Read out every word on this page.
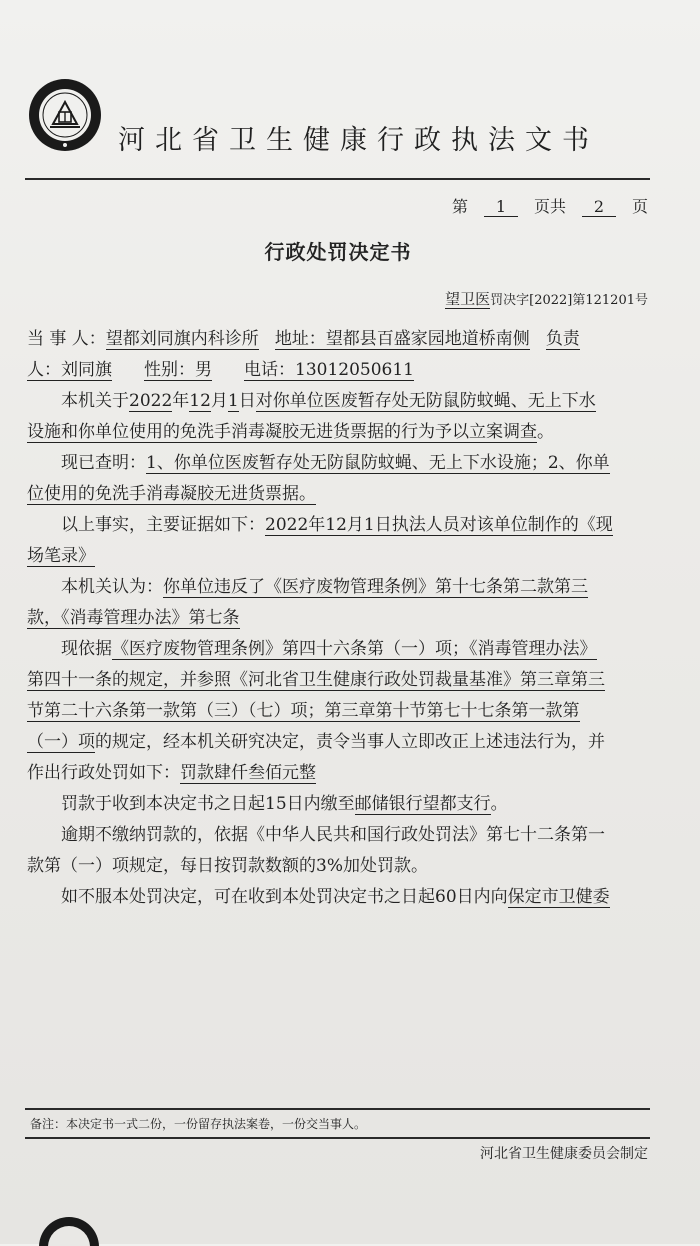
河北省卫生健康行政执法文书
第 1 页共 2 页
行政处罚决定书
望卫医罚决字[2022]第121201号
当 事 人：望都刘同旗内科诊所 地址：望都县百盛家园地道桥南侧 负责
人：刘同旗 性别：男 电话：13012050611
本机关于2022年12月1日对你单位医废暂存处无防鼠防蚊蝇、无上下水
设施和你单位使用的免洗手消毒凝胶无进货票据的行为予以立案调查。
现已查明：1、你单位医废暂存处无防鼠防蚊蝇、无上下水设施；2、你单
位使用的免洗手消毒凝胶无进货票据。
以上事实，主要证据如下：2022年12月1日执法人员对该单位制作的《现
场笔录》
本机关认为：你单位违反了《医疗废物管理条例》第十七条第二款第三
款，《消毒管理办法》第七条
现依据《医疗废物管理条例》第四十六条第（一）项；《消毒管理办法》
第四十一条的规定，并参照《河北省卫生健康行政处罚裁量基准》第三章第三
节第二十六条第一款第（三）（七）项；第三章第十节第七十七条第一款第
（一）项的规定，经本机关研究决定，责令当事人立即改正上述违法行为，并
作出行政处罚如下：罚款肆仟叁佰元整
罚款于收到本决定书之日起15日内缴至邮储银行望都支行。
逾期不缴纳罚款的，依据《中华人民共和国行政处罚法》第七十二条第一
款第（一）项规定，每日按罚款数额的3%加处罚款。
如不服本处罚决定，可在收到本处罚决定书之日起60日内向保定市卫健委
备注：本决定书一式二份，一份留存执法案卷，一份交当事人。
河北省卫生健康委员会制定
